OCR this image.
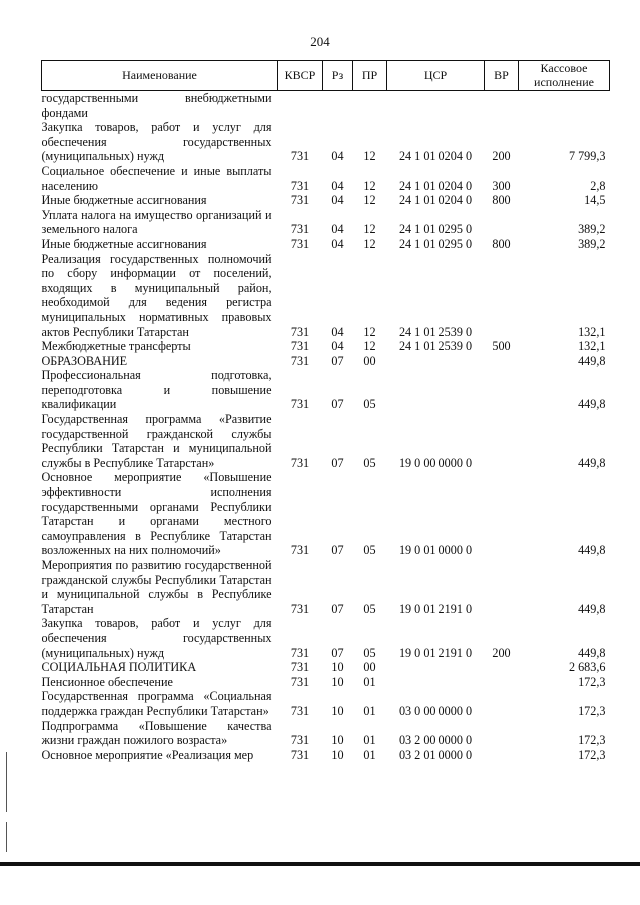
204
Наименование	КВСР	Рз	ПР	ЦСР	ВР	Кассовое исполнение
государственными внебюджетными фондами						
Закупка товаров, работ и услуг для обеспечения государственных (муниципальных) нужд	731	04	12	24 1 01 0204 0	200	7 799,3
Социальное обеспечение и иные выплаты населению	731	04	12	24 1 01 0204 0	300	2,8
Иные бюджетные ассигнования	731	04	12	24 1 01 0204 0	800	14,5
Уплата налога на имущество организаций и земельного налога	731	04	12	24 1 01 0295 0		389,2
Иные бюджетные ассигнования	731	04	12	24 1 01 0295 0	800	389,2
Реализация государственных полномочий по сбору информации от поселений, входящих в муниципальный район, необходимой для ведения регистра муниципальных нормативных правовых актов Республики Татарстан	731	04	12	24 1 01 2539 0		132,1
Межбюджетные трансферты	731	04	12	24 1 01 2539 0	500	132,1
ОБРАЗОВАНИЕ	731	07	00			449,8
Профессиональная подготовка, переподготовка и повышение квалификации	731	07	05			449,8
Государственная программа «Развитие государственной гражданской службы Республики Татарстан и муниципальной службы в Республике Татарстан»	731	07	05	19 0 00 0000 0		449,8
Основное мероприятие «Повышение эффективности исполнения государственными органами Республики Татарстан и органами местного самоуправления в Республике Татарстан возложенных на них полномочий»	731	07	05	19 0 01 0000 0		449,8
Мероприятия по развитию государственной гражданской службы Республики Татарстан и муниципальной службы в Республике Татарстан	731	07	05	19 0 01 2191 0		449,8
Закупка товаров, работ и услуг для обеспечения государственных (муниципальных) нужд	731	07	05	19 0 01 2191 0	200	449,8
СОЦИАЛЬНАЯ ПОЛИТИКА	731	10	00			2 683,6
Пенсионное обеспечение	731	10	01			172,3
Государственная программа «Социальная поддержка граждан Республики Татарстан»	731	10	01	03 0 00 0000 0		172,3
Подпрограмма «Повышение качества жизни граждан пожилого возраста»	731	10	01	03 2 00 0000 0		172,3
Основное мероприятие «Реализация мер	731	10	01	03 2 01 0000 0		172,3
